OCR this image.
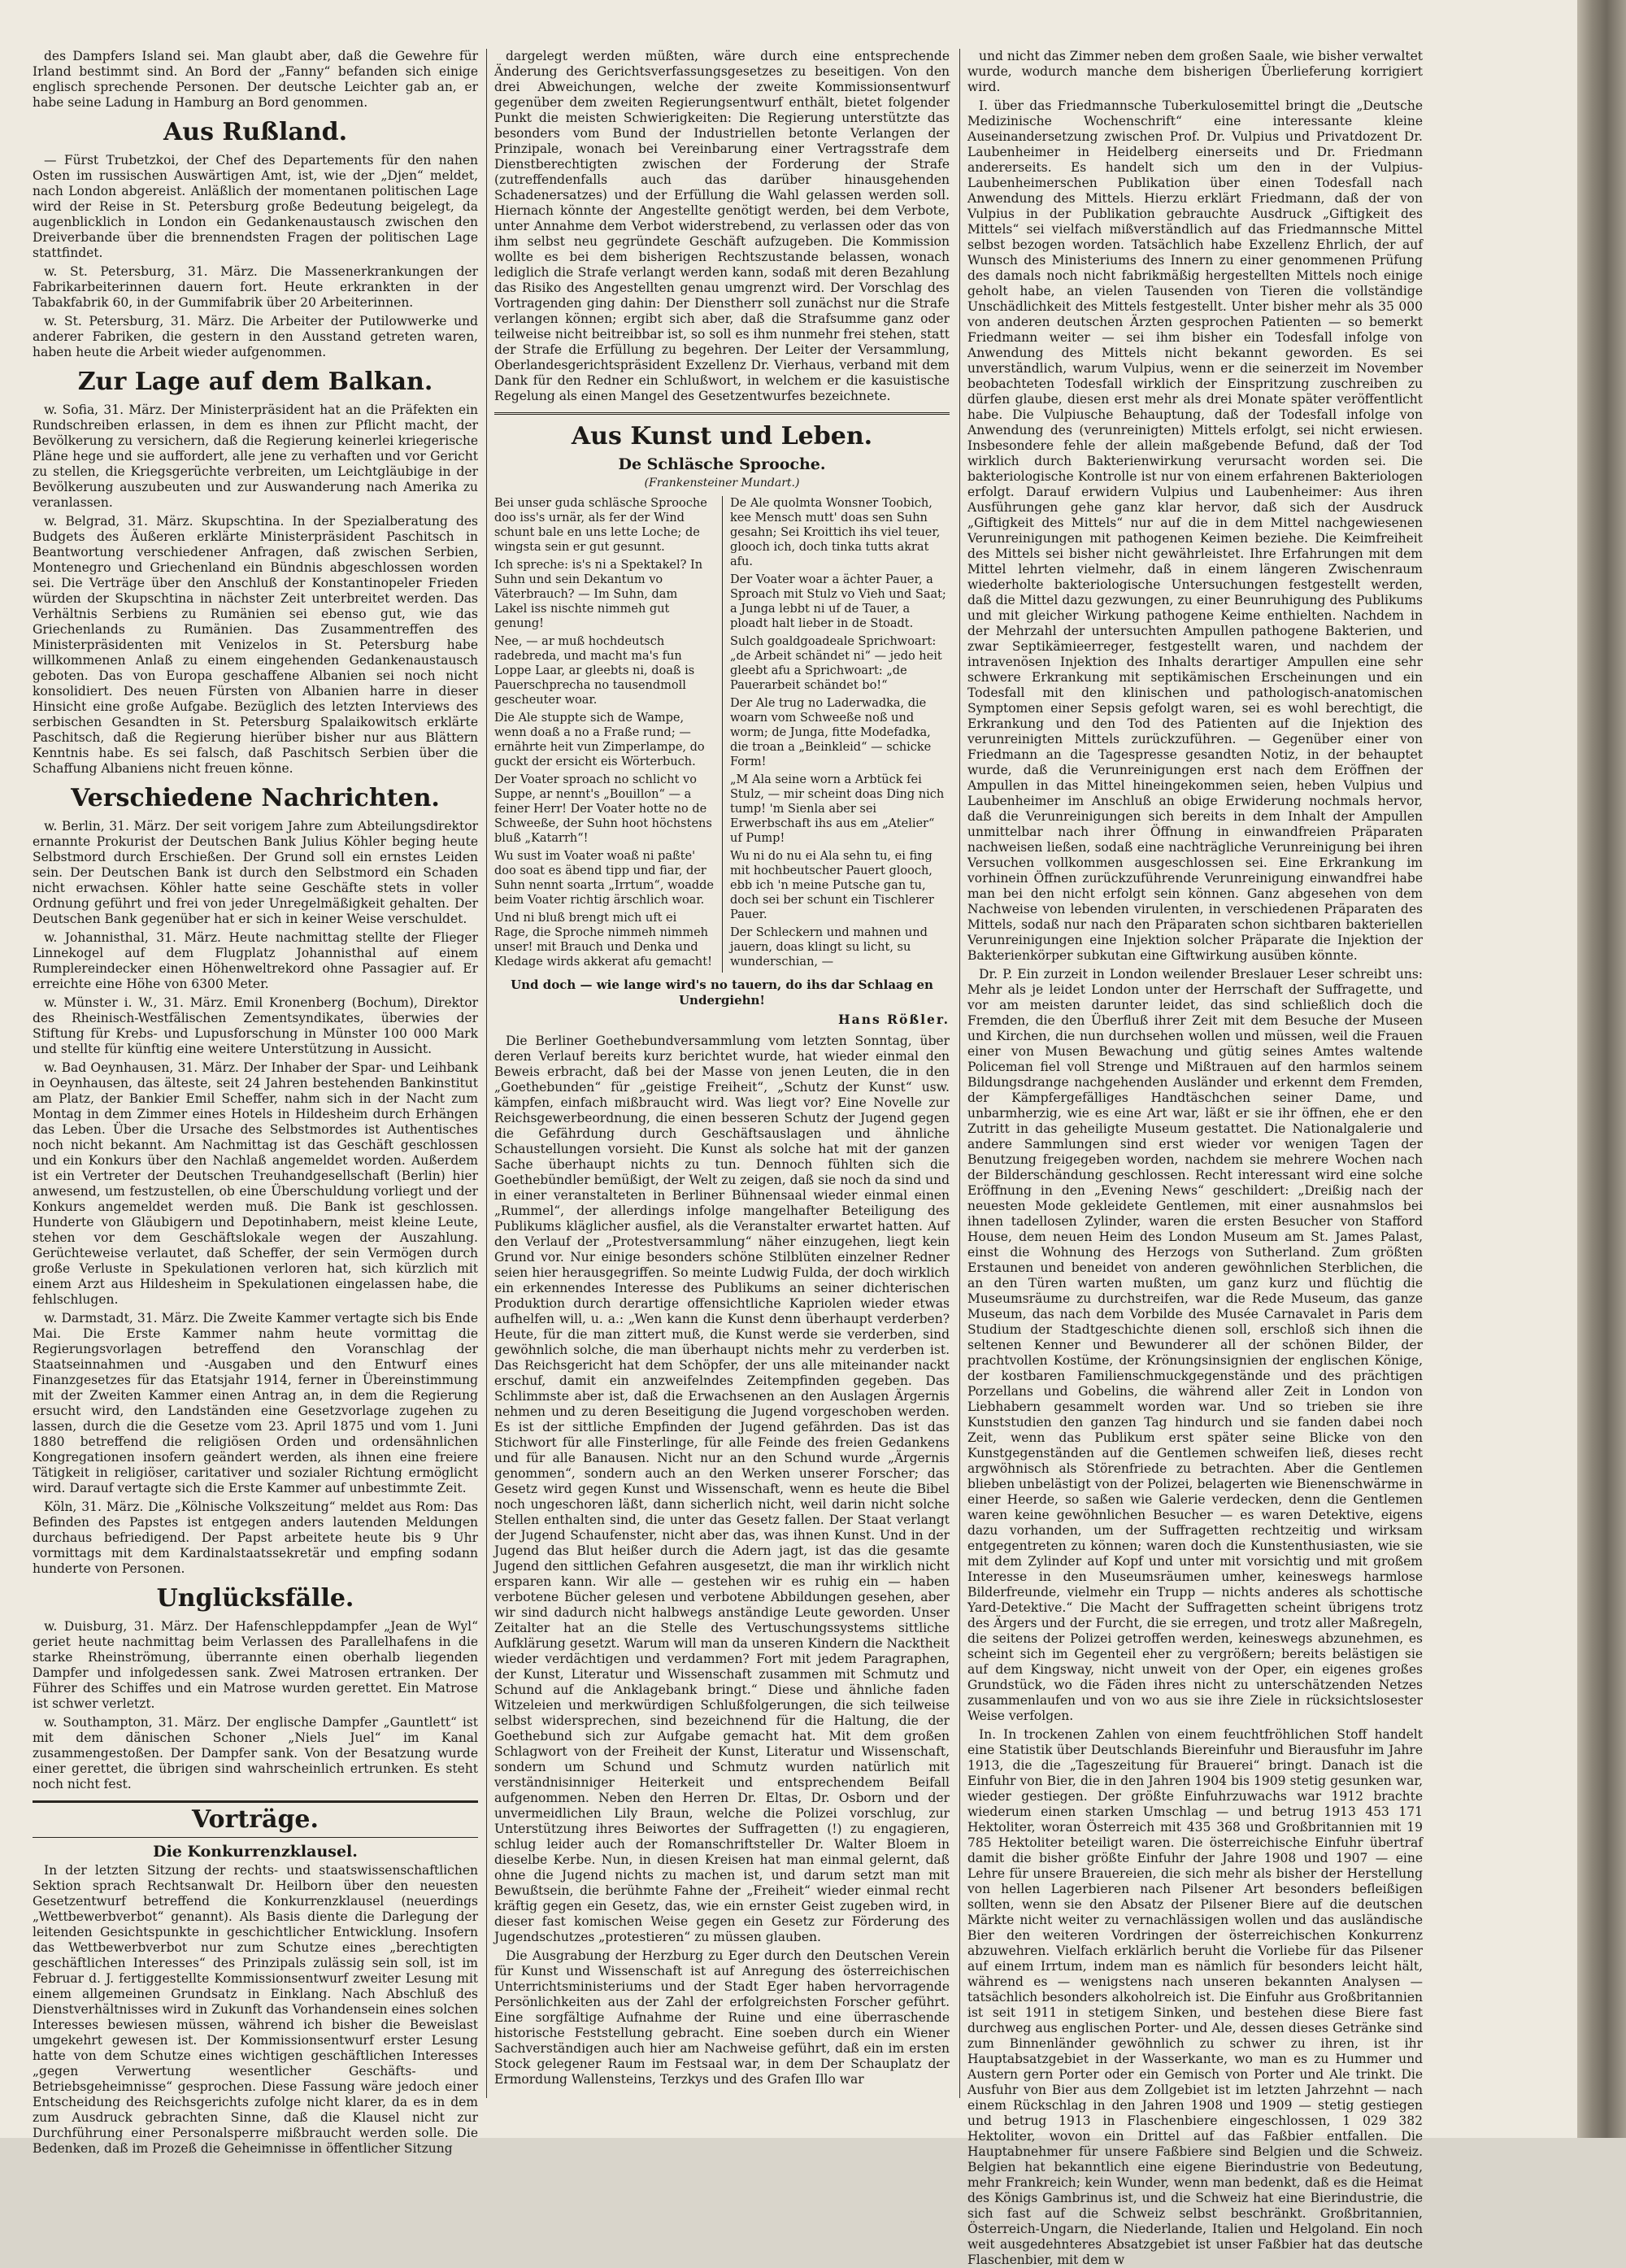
des Dampfers Island sei. Man glaubt aber, daß die Gewehre für Irland bestimmt sind. An Bord der „Fanny“ befanden sich einige englisch sprechende Personen. Der deutsche Leichter gab an, er habe seine Ladung in Hamburg an Bord genommen.

Aus Rußland.

— Fürst Trubetzkoi, der Chef des Departements für den nahen Osten im russischen Auswärtigen Amt, ist, wie der „Djen“ meldet, nach London abgereist. Anläßlich der momentanen politischen Lage wird der Reise in St. Petersburg große Bedeutung beigelegt, da augenblicklich in London ein Gedankenaustausch zwischen den Dreiverbande über die brennendsten Fragen der politischen Lage stattfindet.

w. St. Petersburg, 31. März. Die Massenerkrankungen der Fabrikarbeiterinnen dauern fort. Heute erkrankten in der Tabakfabrik 60, in der Gummifabrik über 20 Arbeiterinnen.

w. St. Petersburg, 31. März. Die Arbeiter der Putilowwerke und anderer Fabriken, die gestern in den Ausstand getreten waren, haben heute die Arbeit wieder aufgenommen.

Zur Lage auf dem Balkan.

w. Sofia, 31. März. Der Ministerpräsident hat an die Präfekten ein Rundschreiben erlassen, in dem es ihnen zur Pflicht macht, der Bevölkerung zu versichern, daß die Regierung keinerlei kriegerische Pläne hege und sie auffordert, alle jene zu verhaften und vor Gericht zu stellen, die Kriegsgerüchte verbreiten, um Leichtgläubige in der Bevölkerung auszubeuten und zur Auswanderung nach Amerika zu veranlassen.

w. Belgrad, 31. März. Skupschtina. In der Spezialberatung des Budgets des Äußeren erklärte Ministerpräsident Paschitsch in Beantwortung verschiedener Anfragen, daß zwischen Serbien, Montenegro und Griechenland ein Bündnis abgeschlossen worden sei. Die Verträge über den Anschluß der Konstantinopeler Frieden würden der Skupschtina in nächster Zeit unterbreitet werden. Das Verhältnis Serbiens zu Rumänien sei ebenso gut, wie das Griechenlands zu Rumänien. Das Zusammentreffen des Ministerpräsidenten mit Venizelos in St. Petersburg habe willkommenen Anlaß zu einem eingehenden Gedankenaustausch geboten. Das von Europa geschaffene Albanien sei noch nicht konsolidiert. Des neuen Fürsten von Albanien harre in dieser Hinsicht eine große Aufgabe. Bezüglich des letzten Interviews des serbischen Gesandten in St. Petersburg Spalaikowitsch erklärte Paschitsch, daß die Regierung hierüber bisher nur aus Blättern Kenntnis habe. Es sei falsch, daß Paschitsch Serbien über die Schaffung Albaniens nicht freuen könne.

Verschiedene Nachrichten.

w. Berlin, 31. März. Der seit vorigem Jahre zum Abteilungsdirektor ernannte Prokurist der Deutschen Bank Julius Köhler beging heute Selbstmord durch Erschießen. Der Grund soll ein ernstes Leiden sein. Der Deutschen Bank ist durch den Selbstmord ein Schaden nicht erwachsen. Köhler hatte seine Geschäfte stets in voller Ordnung geführt und frei von jeder Unregelmäßigkeit gehalten. Der Deutschen Bank gegenüber hat er sich in keiner Weise verschuldet.

w. Johannisthal, 31. März. Heute nachmittag stellte der Flieger Linnekogel auf dem Flugplatz Johannisthal auf einem Rumplereindecker einen Höhenweltrekord ohne Passagier auf. Er erreichte eine Höhe von 6300 Meter.

w. Münster i. W., 31. März. Emil Kronenberg (Bochum), Direktor des Rheinisch-Westfälischen Zementsyndikates, überwies der Stiftung für Krebs- und Lupusforschung in Münster 100 000 Mark und stellte für künftig eine weitere Unterstützung in Aussicht.

w. Bad Oeynhausen, 31. März. Der Inhaber der Spar- und Leihbank in Oeynhausen, das älteste, seit 24 Jahren bestehenden Bankinstitut am Platz, der Bankier Emil Scheffer, nahm sich in der Nacht zum Montag in dem Zimmer eines Hotels in Hildesheim durch Erhängen das Leben. Über die Ursache des Selbstmordes ist Authentisches noch nicht bekannt. Am Nachmittag ist das Geschäft geschlossen und ein Konkurs über den Nachlaß angemeldet worden. Außerdem ist ein Vertreter der Deutschen Treuhandgesellschaft (Berlin) hier anwesend, um festzustellen, ob eine Überschuldung vorliegt und der Konkurs angemeldet werden muß. Die Bank ist geschlossen. Hunderte von Gläubigern und Depotinhabern, meist kleine Leute, stehen vor dem Geschäftslokale wegen der Auszahlung. Gerüchteweise verlautet, daß Scheffer, der sein Vermögen durch große Verluste in Spekulationen verloren hat, sich kürzlich mit einem Arzt aus Hildesheim in Spekulationen eingelassen habe, die fehlschlugen.

w. Darmstadt, 31. März. Die Zweite Kammer vertagte sich bis Ende Mai. Die Erste Kammer nahm heute vormittag die Regierungsvorlagen betreffend den Voranschlag der Staatseinnahmen und -Ausgaben und den Entwurf eines Finanzgesetzes für das Etatsjahr 1914, ferner in Übereinstimmung mit der Zweiten Kammer einen Antrag an, in dem die Regierung ersucht wird, den Landständen eine Gesetzvorlage zugehen zu lassen, durch die die Gesetze vom 23. April 1875 und vom 1. Juni 1880 betreffend die religiösen Orden und ordensähnlichen Kongregationen insofern geändert werden, als ihnen eine freiere Tätigkeit in religiöser, caritativer und sozialer Richtung ermöglicht wird. Darauf vertagte sich die Erste Kammer auf unbestimmte Zeit.

Köln, 31. März. Die „Kölnische Volkszeitung“ meldet aus Rom: Das Befinden des Papstes ist entgegen anders lautenden Meldungen durchaus befriedigend. Der Papst arbeitete heute bis 9 Uhr vormittags mit dem Kardinalstaatssekretär und empfing sodann hunderte von Personen.

Unglücksfälle.

w. Duisburg, 31. März. Der Hafenschleppdampfer „Jean de Wyl“ geriet heute nachmittag beim Verlassen des Parallelhafens in die starke Rheinströmung, überrannte einen oberhalb liegenden Dampfer und infolgedessen sank. Zwei Matrosen ertranken. Der Führer des Schiffes und ein Matrose wurden gerettet. Ein Matrose ist schwer verletzt.

w. Southampton, 31. März. Der englische Dampfer „Gauntlett“ ist mit dem dänischen Schoner „Niels Juel“ im Kanal zusammengestoßen. Der Dampfer sank. Von der Besatzung wurde einer gerettet, die übrigen sind wahrscheinlich ertrunken. Es steht noch nicht fest.

Vorträge.
Die Konkurrenzklausel.

In der letzten Sitzung der rechts- und staatswissenschaftlichen Sektion sprach Rechtsanwalt Dr. Heilborn über den neuesten Gesetzentwurf betreffend die Konkurrenzklausel (neuerdings „Wettbewerbverbot“ genannt). Als Basis diente die Darlegung der leitenden Gesichtspunkte in geschichtlicher Entwicklung. Insofern das Wettbewerbverbot nur zum Schutze eines „berechtigten geschäftlichen Interesses“ des Prinzipals zulässig sein soll, ist im Februar d. J. fertiggestellte Kommissionsentwurf zweiter Lesung mit einem allgemeinen Grundsatz in Einklang. Nach Abschluß des Dienstverhältnisses wird in Zukunft das Vorhandensein eines solchen Interesses bewiesen müssen, während ich bisher die Beweislast umgekehrt gewesen ist. Der Kommissionsentwurf erster Lesung hatte von dem Schutze eines wichtigen geschäftlichen Interesses „gegen Verwertung wesentlicher Geschäfts- und Betriebsgeheimnisse“ gesprochen. Diese Fassung wäre jedoch einer Entscheidung des Reichsgerichts zufolge nicht klarer, da es in dem zum Ausdruck gebrachten Sinne, daß die Klausel nicht zur Durchführung einer Personalsperre mißbraucht werden solle. Die Bedenken, daß im Prozeß die Geheimnisse in öffentlicher Sitzung

dargelegt werden müßten, wäre durch eine entsprechende Änderung des Gerichtsverfassungsgesetzes zu beseitigen. Von den drei Abweichungen, welche der zweite Kommissionsentwurf gegenüber dem zweiten Regierungsentwurf enthält, bietet folgender Punkt die meisten Schwierigkeiten: Die Regierung unterstützte das besonders vom Bund der Industriellen betonte Verlangen der Prinzipale, wonach bei Vereinbarung einer Vertragsstrafe dem Dienstberechtigten zwischen der Forderung der Strafe (zutreffendenfalls auch das darüber hinausgehenden Schadenersatzes) und der Erfüllung die Wahl gelassen werden soll. Hiernach könnte der Angestellte genötigt werden, bei dem Verbote, unter Annahme dem Verbot widerstrebend, zu verlassen oder das von ihm selbst neu gegründete Geschäft aufzugeben. Die Kommission wollte es bei dem bisherigen Rechtszustande belassen, wonach lediglich die Strafe verlangt werden kann, sodaß mit deren Bezahlung das Risiko des Angestellten genau umgrenzt wird. Der Vorschlag des Vortragenden ging dahin: Der Dienstherr soll zunächst nur die Strafe verlangen können; ergibt sich aber, daß die Strafsumme ganz oder teilweise nicht beitreibbar ist, so soll es ihm nunmehr frei stehen, statt der Strafe die Erfüllung zu begehren. Der Leiter der Versammlung, Oberlandesgerichtspräsident Exzellenz Dr. Vierhaus, verband mit dem Dank für den Redner ein Schlußwort, in welchem er die kasuistische Regelung als einen Mangel des Gesetzentwurfes bezeichnete.

Aus Kunst und Leben.
De Schläsche Sprooche.
(Frankensteiner Mundart.)

Bei unser guda schläsche Sprooche doo iss's urnär, als fer der Wind schunt bale en uns lette Loche; de wingsta sein er gut gesunnt.

Ich spreche: is's ni a Spektakel? In Suhn und sein Dekantum vo Väterbrauch? — Im Suhn, dam Lakel iss nischte nimmeh gut genung!

Nee, — ar muß hochdeutsch radebreda, und macht ma's fun Loppe Laar, ar gleebts ni, doaß is Pauerschprecha no tausendmoll gescheuter woar.

Die Ale stuppte sich de Wampe, wenn doaß a no a Fraße rund; — ernährte heit vun Zimperlampe, do guckt der ersicht eis Wörterbuch.

Der Voater sproach no schlicht vo Suppe, ar nennt's „Bouillon“ — a feiner Herr! Der Voater hotte no de Schweeße, der Suhn hoot höchstens bluß „Katarrh“!

Wu sust im Voater woaß ni paßte' doo soat es äbend tipp und fiar, der Suhn nennt soarta „Irrtum“, woadde beim Voater richtig ärschlich woar.

Und ni bluß brengt mich uft ei Rage, die Sproche nimmeh nimmeh unser! mit Brauch und Denka und Kledage wirds akkerat afu gemacht!

De Ale quolmta Wonsner Toobich, kee Mensch mutt' doas sen Suhn gesahn; Sei Kroittich ihs viel teuer, glooch ich, doch tinka tutts akrat afu.

Der Voater woar a ächter Pauer, a Sproach mit Stulz vo Vieh und Saat; a Junga lebbt ni uf de Tauer, a ploadt halt lieber in de Stoadt.

Sulch goaldgoadeale Sprichwoart: „de Arbeit schändet ni“ — jedo heit gleebt afu a Sprichwoart: „de Pauerarbeit schändet bo!“

Der Ale trug no Laderwadka, die woarn vom Schweeße noß und worm; de Junga, fitte Modefadka, die troan a „Beinkleid“ — schicke Form!

„M Ala seine worn a Arbtück fei Stulz, — mir scheint doas Ding nich tump! 'm Sienla aber sei Erwerbschaft ihs aus em „Atelier“ uf Pump!

Wu ni do nu ei Ala sehn tu, ei fing mit hochbeutscher Pauert glooch, ebb ich 'n meine Putsche gan tu, doch sei ber schunt ein Tischlerer Pauer.

Der Schleckern und mahnen und jauern, doas klingt su licht, su wunderschian, —

Und doch — wie lange wird's no tauern, do ihs dar Schlaag en Undergiehn!
Hans Rößler.

Die Berliner Goethebundversammlung vom letzten Sonntag, über deren Verlauf bereits kurz berichtet wurde, hat wieder einmal den Beweis erbracht, daß bei der Masse von jenen Leuten, die in den „Goethebunden“ für „geistige Freiheit“, „Schutz der Kunst“ usw. kämpfen, einfach mißbraucht wird. Was liegt vor? Eine Novelle zur Reichsgewerbeordnung, die einen besseren Schutz der Jugend gegen die Gefährdung durch Geschäftsauslagen und ähnliche Schaustellungen vorsieht. Die Kunst als solche hat mit der ganzen Sache überhaupt nichts zu tun. Dennoch fühlten sich die Goethebündler bemüßigt, der Welt zu zeigen, daß sie noch da sind und in einer veranstalteten in Berliner Bühnensaal wieder einmal einen „Rummel“, der allerdings infolge mangelhafter Beteiligung des Publikums kläglicher ausfiel, als die Veranstalter erwartet hatten. Auf den Verlauf der „Protestversammlung“ näher einzugehen, liegt kein Grund vor. Nur einige besonders schöne Stilblüten einzelner Redner seien hier herausgegriffen. So meinte Ludwig Fulda, der doch wirklich ein erkennendes Interesse des Publikums an seiner dichterischen Produktion durch derartige offensichtliche Kapriolen wieder etwas aufhelfen will, u. a.: „Wen kann die Kunst denn überhaupt verderben? Heute, für die man zittert muß, die Kunst werde sie verderben, sind gewöhnlich solche, die man überhaupt nichts mehr zu verderben ist. Das Reichsgericht hat dem Schöpfer, der uns alle miteinander nackt erschuf, damit ein anzweifelndes Zeitempfinden gegeben. Das Schlimmste aber ist, daß die Erwachsenen an den Auslagen Ärgernis nehmen und zu deren Beseitigung die Jugend vorgeschoben werden. Es ist der sittliche Empfinden der Jugend gefährden. Das ist das Stichwort für alle Finsterlinge, für alle Feinde des freien Gedankens und für alle Banausen. Nicht nur an den Schund wurde „Ärgernis genommen“, sondern auch an den Werken unserer Forscher; das Gesetz wird gegen Kunst und Wissenschaft, wenn es heute die Bibel noch ungeschoren läßt, dann sicherlich nicht, weil darin nicht solche Stellen enthalten sind, die unter das Gesetz fallen. Der Staat verlangt der Jugend Schaufenster, nicht aber das, was ihnen Kunst. Und in der Jugend das Blut heißer durch die Adern jagt, ist das die gesamte Jugend den sittlichen Gefahren ausgesetzt, die man ihr wirklich nicht ersparen kann. Wir alle — gestehen wir es ruhig ein — haben verbotene Bücher gelesen und verbotene Abbildungen gesehen, aber wir sind dadurch nicht halbwegs anständige Leute geworden. Unser Zeitalter hat an die Stelle des Vertuschungssystems sittliche Aufklärung gesetzt. Warum will man da unseren Kindern die Nacktheit wieder verdächtigen und verdammen? Fort mit jedem Paragraphen, der Kunst, Literatur und Wissenschaft zusammen mit Schmutz und Schund auf die Anklagebank bringt.“ Diese und ähnliche faden Witzeleien und merkwürdigen Schlußfolgerungen, die sich teilweise selbst widersprechen, sind bezeichnend für die Haltung, die der Goethebund sich zur Aufgabe gemacht hat. Mit dem großen Schlagwort von der Freiheit der Kunst, Literatur und Wissenschaft, sondern um Schund und Schmutz wurden natürlich mit verständnisinniger Heiterkeit und entsprechendem Beifall aufgenommen. Neben den Herren Dr. Eltas, Dr. Osborn und der unvermeidlichen Lily Braun, welche die Polizei vorschlug, zur Unterstützung ihres Beiwortes der Suffragetten (!) zu engagieren, schlug leider auch der Romanschriftsteller Dr. Walter Bloem in dieselbe Kerbe. Nun, in diesen Kreisen hat man einmal gelernt, daß ohne die Jugend nichts zu machen ist, und darum setzt man mit Bewußtsein, die berühmte Fahne der „Freiheit“ wieder einmal recht kräftig gegen ein Gesetz, das, wie ein ernster Geist zugeben wird, in dieser fast komischen Weise gegen ein Gesetz zur Förderung des Jugendschutzes „protestieren“ zu müssen glauben.

Die Ausgrabung der Herzburg zu Eger durch den Deutschen Verein für Kunst und Wissenschaft ist auf Anregung des österreichischen Unterrichtsministeriums und der Stadt Eger haben hervorragende Persönlichkeiten aus der Zahl der erfolgreichsten Forscher geführt. Eine sorgfältige Aufnahme der Ruine und eine überraschende historische Feststellung gebracht. Eine soeben durch ein Wiener Sachverständigen auch hier am Nachweise geführt, daß ein im ersten Stock gelegener Raum im Festsaal war, in dem Der Schauplatz der Ermordung Wallensteins, Terzkys und des Grafen Illo war

und nicht das Zimmer neben dem großen Saale, wie bisher verwaltet wurde, wodurch manche dem bisherigen Überlieferung korrigiert wird.

I. über das Friedmannsche Tuberkulosemittel bringt die „Deutsche Medizinische Wochenschrift“ eine interessante kleine Auseinandersetzung zwischen Prof. Dr. Vulpius und Privatdozent Dr. Laubenheimer in Heidelberg einerseits und Dr. Friedmann andererseits. Es handelt sich um den in der Vulpius-Laubenheimerschen Publikation über einen Todesfall nach Anwendung des Mittels. Hierzu erklärt Friedmann, daß der von Vulpius in der Publikation gebrauchte Ausdruck „Giftigkeit des Mittels“ sei vielfach mißverständlich auf das Friedmannsche Mittel selbst bezogen worden. Tatsächlich habe Exzellenz Ehrlich, der auf Wunsch des Ministeriums des Innern zu einer genommenen Prüfung des damals noch nicht fabrikmäßig hergestellten Mittels noch einige geholt habe, an vielen Tausenden von Tieren die vollständige Unschädlichkeit des Mittels festgestellt. Unter bisher mehr als 35 000 von anderen deutschen Ärzten gesprochen Patienten — so bemerkt Friedmann weiter — sei ihm bisher ein Todesfall infolge von Anwendung des Mittels nicht bekannt geworden. Es sei unverständlich, warum Vulpius, wenn er die seinerzeit im November beobachteten Todesfall wirklich der Einspritzung zuschreiben zu dürfen glaube, diesen erst mehr als drei Monate später veröffentlicht habe. Die Vulpiusche Behauptung, daß der Todesfall infolge von Anwendung des (verunreinigten) Mittels erfolgt, sei nicht erwiesen. Insbesondere fehle der allein maßgebende Befund, daß der Tod wirklich durch Bakterienwirkung verursacht worden sei. Die bakteriologische Kontrolle ist nur von einem erfahrenen Bakteriologen erfolgt. Darauf erwidern Vulpius und Laubenheimer: Aus ihren Ausführungen gehe ganz klar hervor, daß sich der Ausdruck „Giftigkeit des Mittels“ nur auf die in dem Mittel nachgewiesenen Verunreinigungen mit pathogenen Keimen beziehe. Die Keimfreiheit des Mittels sei bisher nicht gewährleistet. Ihre Erfahrungen mit dem Mittel lehrten vielmehr, daß in einem längeren Zwischenraum wiederholte bakteriologische Untersuchungen festgestellt werden, daß die Mittel dazu gezwungen, zu einer Beunruhigung des Publikums und mit gleicher Wirkung pathogene Keime enthielten. Nachdem in der Mehrzahl der untersuchten Ampullen pathogene Bakterien, und zwar Septikämieerreger, festgestellt waren, und nachdem der intravenösen Injektion des Inhalts derartiger Ampullen eine sehr schwere Erkrankung mit septikämischen Erscheinungen und ein Todesfall mit den klinischen und pathologisch-anatomischen Symptomen einer Sepsis gefolgt waren, sei es wohl berechtigt, die Erkrankung und den Tod des Patienten auf die Injektion des verunreinigten Mittels zurückzuführen. — Gegenüber einer von Friedmann an die Tagespresse gesandten Notiz, in der behauptet wurde, daß die Verunreinigungen erst nach dem Eröffnen der Ampullen in das Mittel hineingekommen seien, heben Vulpius und Laubenheimer im Anschluß an obige Erwiderung nochmals hervor, daß die Verunreinigungen sich bereits in dem Inhalt der Ampullen unmittelbar nach ihrer Öffnung in einwandfreien Präparaten nachweisen ließen, sodaß eine nachträgliche Verunreinigung bei ihren Versuchen vollkommen ausgeschlossen sei. Eine Erkrankung im vorhinein Öffnen zurückzuführende Verunreinigung einwandfrei habe man bei den nicht erfolgt sein können. Ganz abgesehen von dem Nachweise von lebenden virulenten, in verschiedenen Präparaten des Mittels, sodaß nur nach den Präparaten schon sichtbaren bakteriellen Verunreinigungen eine Injektion solcher Präparate die Injektion der Bakterienkörper subkutan eine Giftwirkung ausüben könnte.

Dr. P. Ein zurzeit in London weilender Breslauer Leser schreibt uns: Mehr als je leidet London unter der Herrschaft der Suffragette, und vor am meisten darunter leidet, das sind schließlich doch die Fremden, die den Überfluß ihrer Zeit mit dem Besuche der Museen und Kirchen, die nun durchsehen wollen und müssen, weil die Frauen einer von Musen Bewachung und gütig seines Amtes waltende Policeman fiel voll Strenge und Mißtrauen auf den harmlos seinem Bildungsdrange nachgehenden Ausländer und erkennt dem Fremden, der Kämpfergefälliges Handtäschchen seiner Dame, und unbarmherzig, wie es eine Art war, läßt er sie ihr öffnen, ehe er den Zutritt in das geheiligte Museum gestattet. Die Nationalgalerie und andere Sammlungen sind erst wieder vor wenigen Tagen der Benutzung freigegeben worden, nachdem sie mehrere Wochen nach der Bilderschändung geschlossen. Recht interessant wird eine solche Eröffnung in den „Evening News“ geschildert: „Dreißig nach der neuesten Mode gekleidete Gentlemen, mit einer ausnahmslos bei ihnen tadellosen Zylinder, waren die ersten Besucher von Stafford House, dem neuen Heim des London Museum am St. James Palast, einst die Wohnung des Herzogs von Sutherland. Zum größten Erstaunen und beneidet von anderen gewöhnlichen Sterblichen, die an den Türen warten mußten, um ganz kurz und flüchtig die Museumsräume zu durchstreifen, war die Rede Museum, das ganze Museum, das nach dem Vorbilde des Musée Carnavalet in Paris dem Studium der Stadtgeschichte dienen soll, erschloß sich ihnen die seltenen Kenner und Bewunderer all der schönen Bilder, der prachtvollen Kostüme, der Krönungsinsignien der englischen Könige, der kostbaren Familienschmuckgegenstände und des prächtigen Porzellans und Gobelins, die während aller Zeit in London von Liebhabern gesammelt worden war. Und so trieben sie ihre Kunststudien den ganzen Tag hindurch und sie fanden dabei noch Zeit, wenn das Publikum erst später seine Blicke von den Kunstgegenständen auf die Gentlemen schweifen ließ, dieses recht argwöhnisch als Störenfriede zu betrachten. Aber die Gentlemen blieben unbelästigt von der Polizei, belagerten wie Bienenschwärme in einer Heerde, so saßen wie Galerie verdecken, denn die Gentlemen waren keine gewöhnlichen Besucher — es waren Detektive, eigens dazu vorhanden, um der Suffragetten rechtzeitig und wirksam entgegentreten zu können; waren doch die Kunstenthusiasten, wie sie mit dem Zylinder auf Kopf und unter mit vorsichtig und mit großem Interesse in den Museumsräumen umher, keineswegs harmlose Bilderfreunde, vielmehr ein Trupp — nichts anderes als schottische Yard-Detektive.“ Die Macht der Suffragetten scheint übrigens trotz des Ärgers und der Furcht, die sie erregen, und trotz aller Maßregeln, die seitens der Polizei getroffen werden, keineswegs abzunehmen, es scheint sich im Gegenteil eher zu vergrößern; bereits belästigen sie auf dem Kingsway, nicht unweit von der Oper, ein eigenes großes Grundstück, wo die Fäden ihres nicht zu unterschätzenden Netzes zusammenlaufen und von wo aus sie ihre Ziele in rücksichtslosester Weise verfolgen.

In. In trockenen Zahlen von einem feuchtfröhlichen Stoff handelt eine Statistik über Deutschlands Biereinfuhr und Bierausfuhr im Jahre 1913, die die „Tageszeitung für Brauerei“ bringt. Danach ist die Einfuhr von Bier, die in den Jahren 1904 bis 1909 stetig gesunken war, wieder gestiegen. Der größte Einfuhrzuwachs war 1912 brachte wiederum einen starken Umschlag — und betrug 1913 453 171 Hektoliter, woran Österreich mit 435 368 und Großbritannien mit 19 785 Hektoliter beteiligt waren. Die österreichische Einfuhr übertraf damit die bisher größte Einfuhr der Jahre 1908 und 1907 — eine Lehre für unsere Brauereien, die sich mehr als bisher der Herstellung von hellen Lagerbieren nach Pilsener Art besonders befleißigen sollten, wenn sie den Absatz der Pilsener Biere auf die deutschen Märkte nicht weiter zu vernachlässigen wollen und das ausländische Bier den weiteren Vordringen der österreichischen Konkurrenz abzuwehren. Vielfach erklärlich beruht die Vorliebe für das Pilsener auf einem Irrtum, indem man es nämlich für besonders leicht hält, während es — wenigstens nach unseren bekannten Analysen — tatsächlich besonders alkoholreich ist. Die Einfuhr aus Großbritannien ist seit 1911 in stetigem Sinken, und bestehen diese Biere fast durchweg aus englischen Porter- und Ale, dessen dieses Getränke sind zum Binnenländer gewöhnlich zu schwer zu ihren, ist ihr Hauptabsatzgebiet in der Wasserkante, wo man es zu Hummer und Austern gern Porter oder ein Gemisch von Porter und Ale trinkt. Die Ausfuhr von Bier aus dem Zollgebiet ist im letzten Jahrzehnt — nach einem Rückschlag in den Jahren 1908 und 1909 — stetig gestiegen und betrug 1913 in Flaschenbiere eingeschlossen, 1 029 382 Hektoliter, wovon ein Drittel auf das Faßbier entfallen. Die Hauptabnehmer für unsere Faßbiere sind Belgien und die Schweiz. Belgien hat bekanntlich eine eigene Bierindustrie von Bedeutung, mehr Frankreich; kein Wunder, wenn man bedenkt, daß es die Heimat des Königs Gambrinus ist, und die Schweiz hat eine Bierindustrie, die sich fast auf die Schweiz selbst beschränkt. Großbritannien, Österreich-Ungarn, die Niederlande, Italien und Helgoland. Ein noch weit ausgedehnteres Absatzgebiet ist unser Faßbier hat das deutsche Flaschenbier, mit dem w
